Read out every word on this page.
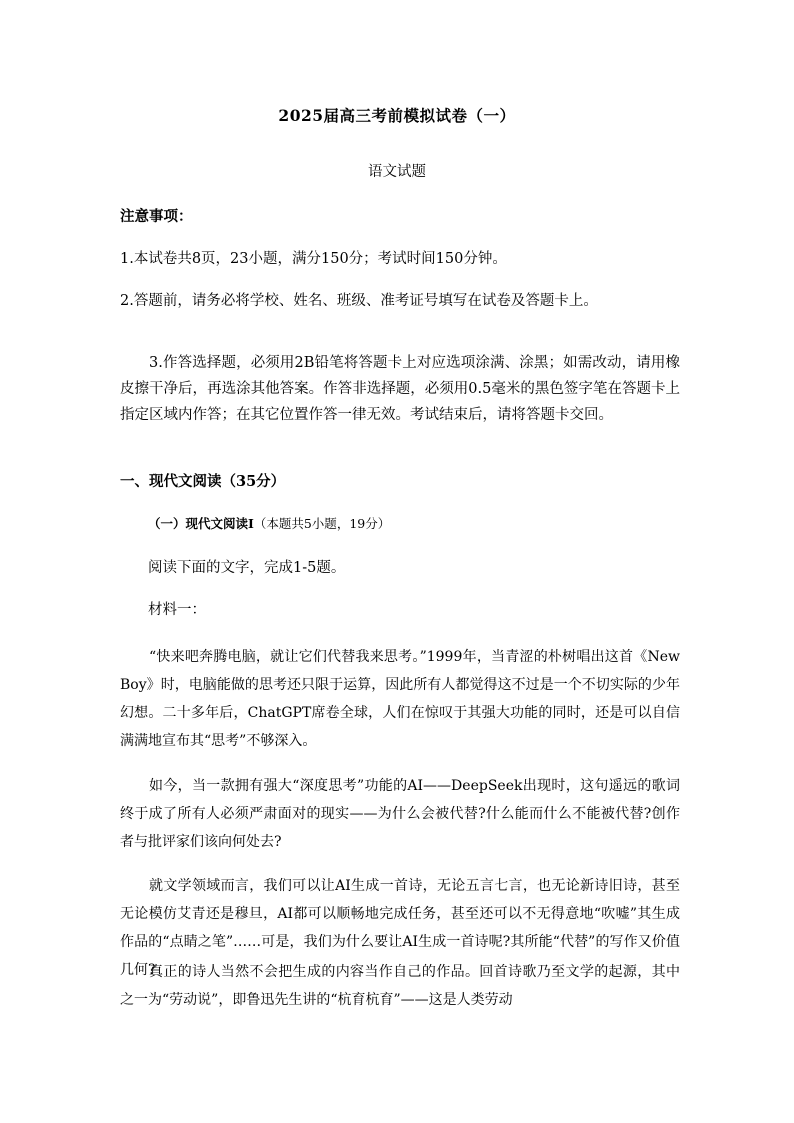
2025届高三考前模拟试卷（一）
语文试题
注意事项：
1.本试卷共8页，23小题，满分150分；考试时间150分钟。
2.答题前，请务必将学校、姓名、班级、准考证号填写在试卷及答题卡上。
3.作答选择题，必须用2B铅笔将答题卡上对应选项涂满、涂黑；如需改动，请用橡皮擦干净后，再选涂其他答案。作答非选择题，必须用0.5毫米的黑色签字笔在答题卡上指定区域内作答；在其它位置作答一律无效。考试结束后，请将答题卡交回。
一、现代文阅读（35分）
（一）现代文阅读Ⅰ（本题共5小题，19分）
阅读下面的文字，完成1-5题。
材料一：
“快来吧奔腾电脑，就让它们代替我来思考。”1999年，当青涩的朴树唱出这首《New Boy》时，电脑能做的思考还只限于运算，因此所有人都觉得这不过是一个不切实际的少年幻想。二十多年后，ChatGPT席卷全球，人们在惊叹于其强大功能的同时，还是可以自信满满地宣布其“思考”不够深入。
如今，当一款拥有强大“深度思考”功能的AI——DeepSeek出现时，这句遥远的歌词终于成了所有人必须严肃面对的现实——为什么会被代替?什么能而什么不能被代替?创作者与批评家们该向何处去?
就文学领域而言，我们可以让AI生成一首诗，无论五言七言，也无论新诗旧诗，甚至无论模仿艾青还是穆旦，AI都可以顺畅地完成任务，甚至还可以不无得意地“吹嘘”其生成作品的“点睛之笔”……可是，我们为什么要让AI生成一首诗呢?其所能“代替”的写作又价值几何?
真正的诗人当然不会把生成的内容当作自己的作品。回首诗歌乃至文学的起源，其中之一为“劳动说”，即鲁迅先生讲的“杭育杭育”——这是人类劳动
